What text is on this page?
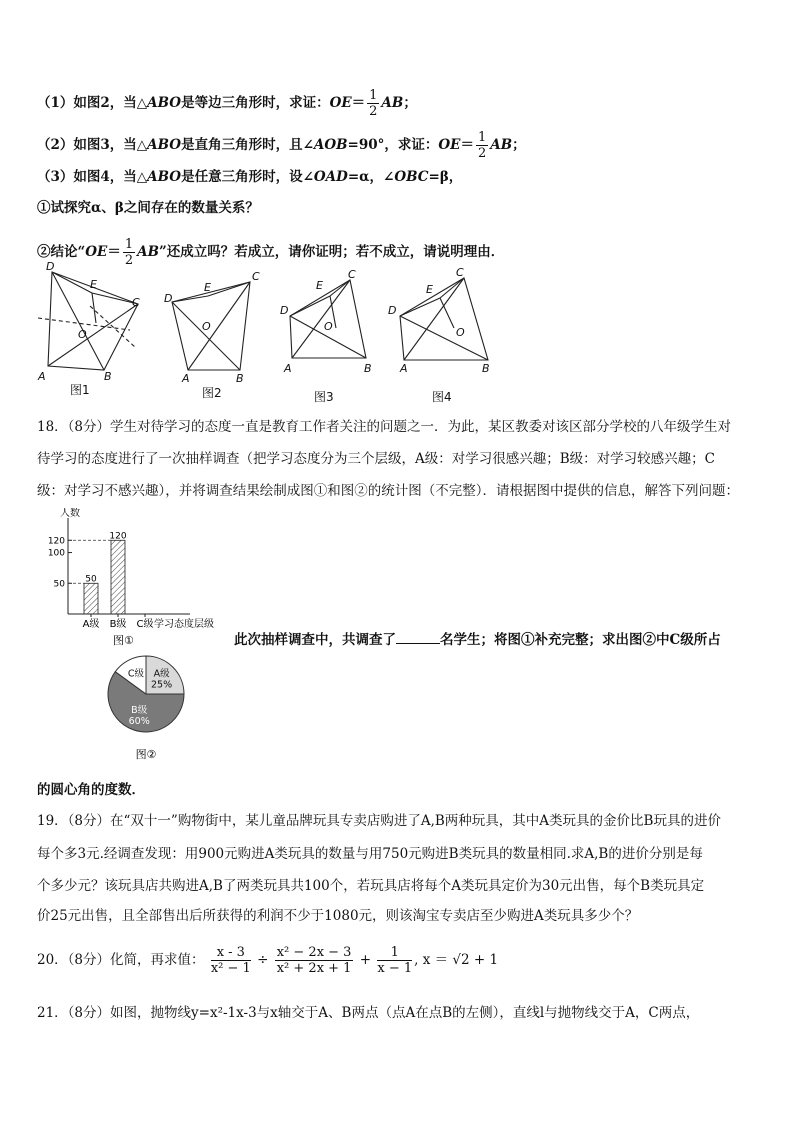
（1）如图2，当△ABO是等边三角形时，求证：$OE= \frac{1}{2}$ AB；
（2）如图3，当△ABO是直角三角形时，且∠AOB=90°，求证：$OE= \frac{1}{2}$ AB；
（3）如图4，当△ABO是任意三角形时，设∠OAD=α，∠OBC=β，
①试探究α、β之间存在的数量关系？
②结论“$OE= \frac{1}{2}$ AB”还成立吗？若成立，请你证明；若不成立，请说明理由．
D
E
C
O
A	B
D
E
C
O
A	B
D
E
C
O
A	B
D
E
C
O
A	B
图1	图2	图3	图4
18．（8分）学生对待学习的态度一直是教育工作者关注的问题之一．为此，某区教委对该区部分学校的八年级学生对
待学习的态度进行了一次抽样调查（把学习态度分为三个层级，A级：对学习很感兴趣；B级：对学习较感兴趣；C
级：对学习不感兴趣），并将调查结果绘制成图①和图②的统计图（不完整）．请根据图中提供的信息，解答下列问题：
人数
50
100
120
50
A级
120
B级 C级 学习态度层级
图①	此次抽样调查中，共调查了	名学生；将图①补充完整；求出图②中C级所占
A级
25%
B级
60%
C级
图②
的圆心角的度数．
19．（8分）在“双十一”购物街中，某儿童品牌玩具专卖店购进了A,B两种玩具，其中A类玩具的金价比B玩具的进价
每个多3元.经调查发现：用900元购进A类玩具的数量与用750元购进B类玩具的数量相同.求A,B的进价分别是每
个多少元？该玩具店共购进A,B了两类玩具共100个，若玩具店将每个A类玩具定价为30元出售，每个B类玩具定
价25元出售，且全部售出后所获得的利润不少于1080元，则该淘宝专卖店至少购进A类玩具多少个？
20．（8分）化简，再求值： $\frac{x - 3}{\text{x² − 1}} \div \frac{\text{x² − 2x − 3}}{\text{x² + 2x + 1}} + \frac{1}{x - 1}$ , x ＝ √2 + 1
21．（8分）如图，抛物线y=x²-1x-3与x轴交于A、B两点（点A在点B的左侧），直线l与抛物线交于A，C两点，
